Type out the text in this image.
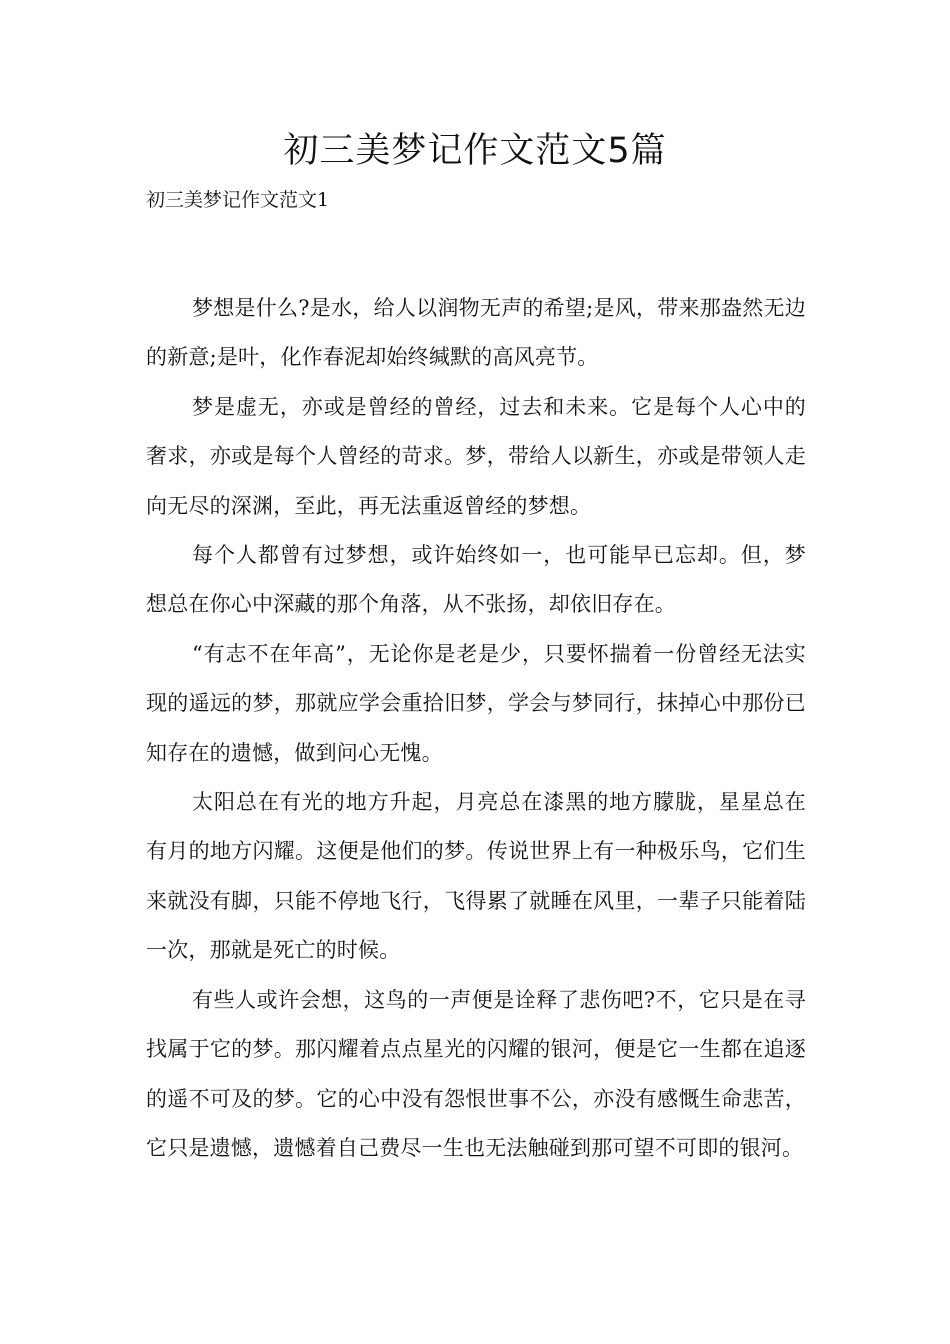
初三美梦记作文范文5篇

初三美梦记作文范文1

梦想是什么?是水，给人以润物无声的希望;是风，带来那盎然无边的新意;是叶，化作春泥却始终缄默的高风亮节。

梦是虚无，亦或是曾经的曾经，过去和未来。它是每个人心中的奢求，亦或是每个人曾经的苛求。梦，带给人以新生，亦或是带领人走向无尽的深渊，至此，再无法重返曾经的梦想。

每个人都曾有过梦想，或许始终如一，也可能早已忘却。但，梦想总在你心中深藏的那个角落，从不张扬，却依旧存在。

“有志不在年高”，无论你是老是少，只要怀揣着一份曾经无法实现的遥远的梦，那就应学会重拾旧梦，学会与梦同行，抹掉心中那份已知存在的遗憾，做到问心无愧。

太阳总在有光的地方升起，月亮总在漆黑的地方朦胧，星星总在有月的地方闪耀。这便是他们的梦。传说世界上有一种极乐鸟，它们生来就没有脚，只能不停地飞行，飞得累了就睡在风里，一辈子只能着陆一次，那就是死亡的时候。

有些人或许会想，这鸟的一声便是诠释了悲伤吧?不，它只是在寻找属于它的梦。那闪耀着点点星光的闪耀的银河，便是它一生都在追逐的遥不可及的梦。它的心中没有怨恨世事不公，亦没有感慨生命悲苦，它只是遗憾，遗憾着自己费尽一生也无法触碰到那可望不可即的银河。
